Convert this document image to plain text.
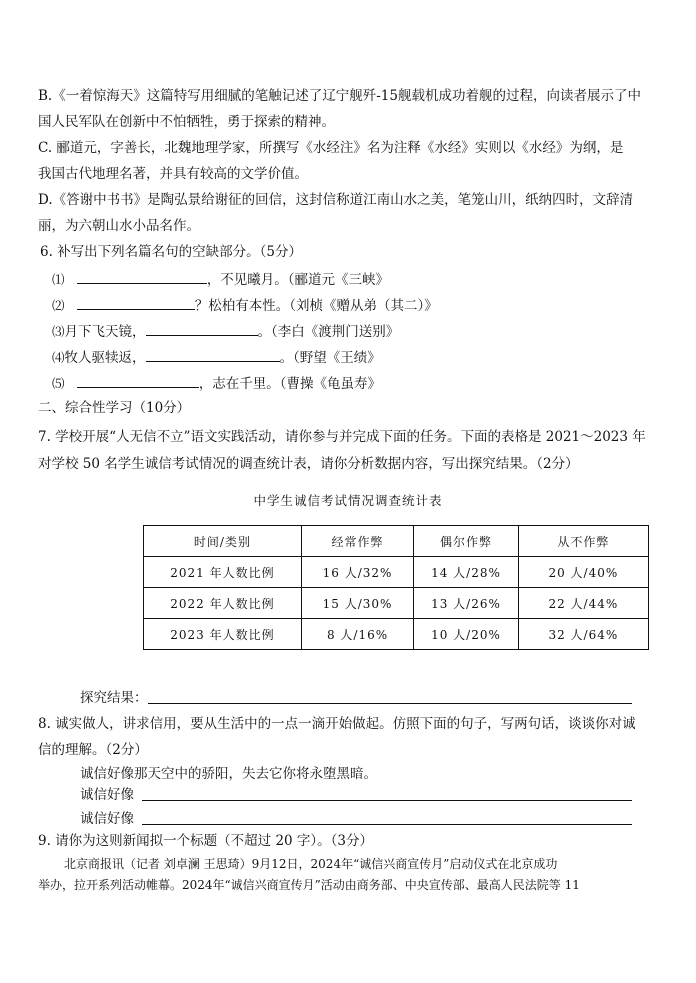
B.《一着惊海天》这篇特写用细腻的笔触记述了辽宁舰歼-15舰载机成功着舰的过程，向读者展示了中
国人民军队在创新中不怕牺牲，勇于探索的精神。
C. 郦道元，字善长，北魏地理学家，所撰写《水经注》名为注释《水经》实则以《水经》为纲，是
我国古代地理名著，并具有较高的文学价值。
D.《答谢中书书》是陶弘景给谢征的回信，这封信称道江南山水之美，笔笼山川，纸纳四时，文辞清
丽，为六朝山水小品名作。
6. 补写出下列名篇名句的空缺部分。（5分）
⑴	，不见曦月。（郦道元《三峡》
⑵	？松柏有本性。（刘桢《赠从弟（其二）》
⑶月下飞天镜，	。（李白《渡荆门送别》
⑷牧人驱犊返，	。（野望《王绩》
⑸	，志在千里。（曹操《龟虽寿》
二、综合性学习（10分）
7. 学校开展“人无信不立”语文实践活动，请你参与并完成下面的任务。下面的表格是 2021～2023 年
对学校 50 名学生诚信考试情况的调查统计表，请你分析数据内容，写出探究结果。（2分）
中学生诚信考试情况调查统计表
时间/类别	经常作弊	偶尔作弊	从不作弊
2021 年人数比例	16 人/32%	14 人/28%	20 人/40%
2022 年人数比例	15 人/30%	13 人/26%	22 人/44%
2023 年人数比例	8 人/16%	10 人/20%	32 人/64%
探究结果：
8. 诚实做人，讲求信用，要从生活中的一点一滴开始做起。仿照下面的句子，写两句话，谈谈你对诚
信的理解。（2分）
诚信好像那天空中的骄阳，失去它你将永堕黑暗。
诚信好像
诚信好像
9. 请你为这则新闻拟一个标题（不超过 20 字）。（3分）
北京商报讯（记者 刘卓澜 王思琦）9月12日，2024年“诚信兴商宣传月”启动仪式在北京成功
举办，拉开系列活动帷幕。2024年“诚信兴商宣传月”活动由商务部、中央宣传部、最高人民法院等 11
